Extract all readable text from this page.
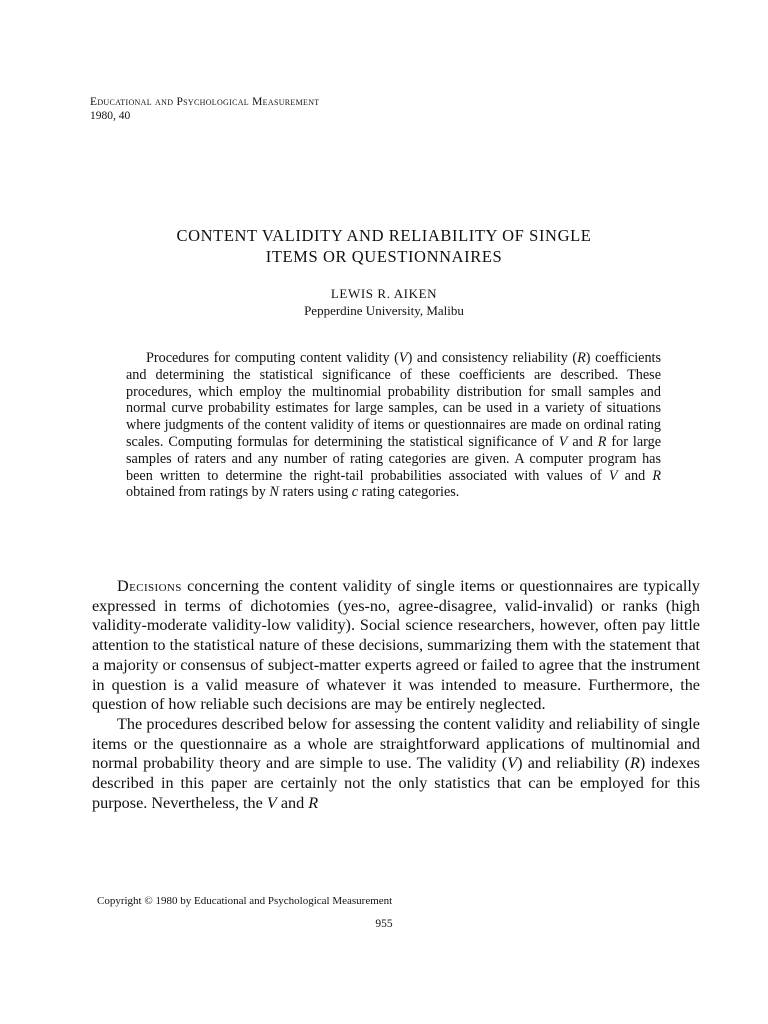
Educational and Psychological Measurement
1980, 40
CONTENT VALIDITY AND RELIABILITY OF SINGLE
ITEMS OR QUESTIONNAIRES
LEWIS R. AIKEN
Pepperdine University, Malibu

Procedures for computing content validity (V) and consistency reliability (R) coefficients and determining the statistical significance of these coefficients are described. These procedures, which employ the multinomial probability distribution for small samples and normal curve probability estimates for large samples, can be used in a variety of situations where judgments of the content validity of items or questionnaires are made on ordinal rating scales. Computing formulas for determining the statistical significance of V and R for large samples of raters and any number of rating categories are given. A computer program has been written to determine the right-tail probabilities associated with values of V and R obtained from ratings by N raters using c rating categories.

Decisions concerning the content validity of single items or questionnaires are typically expressed in terms of dichotomies (yes-no, agree-disagree, valid-invalid) or ranks (high validity-moderate validity-low validity). Social science researchers, however, often pay little attention to the statistical nature of these decisions, summarizing them with the statement that a majority or consensus of subject-matter experts agreed or failed to agree that the instrument in question is a valid measure of whatever it was intended to measure. Furthermore, the question of how reliable such decisions are may be entirely neglected.

The procedures described below for assessing the content validity and reliability of single items or the questionnaire as a whole are straightforward applications of multinomial and normal probability theory and are simple to use. The validity (V) and reliability (R) indexes described in this paper are certainly not the only statistics that can be employed for this purpose. Nevertheless, the V and R

Copyright © 1980 by Educational and Psychological Measurement
955
